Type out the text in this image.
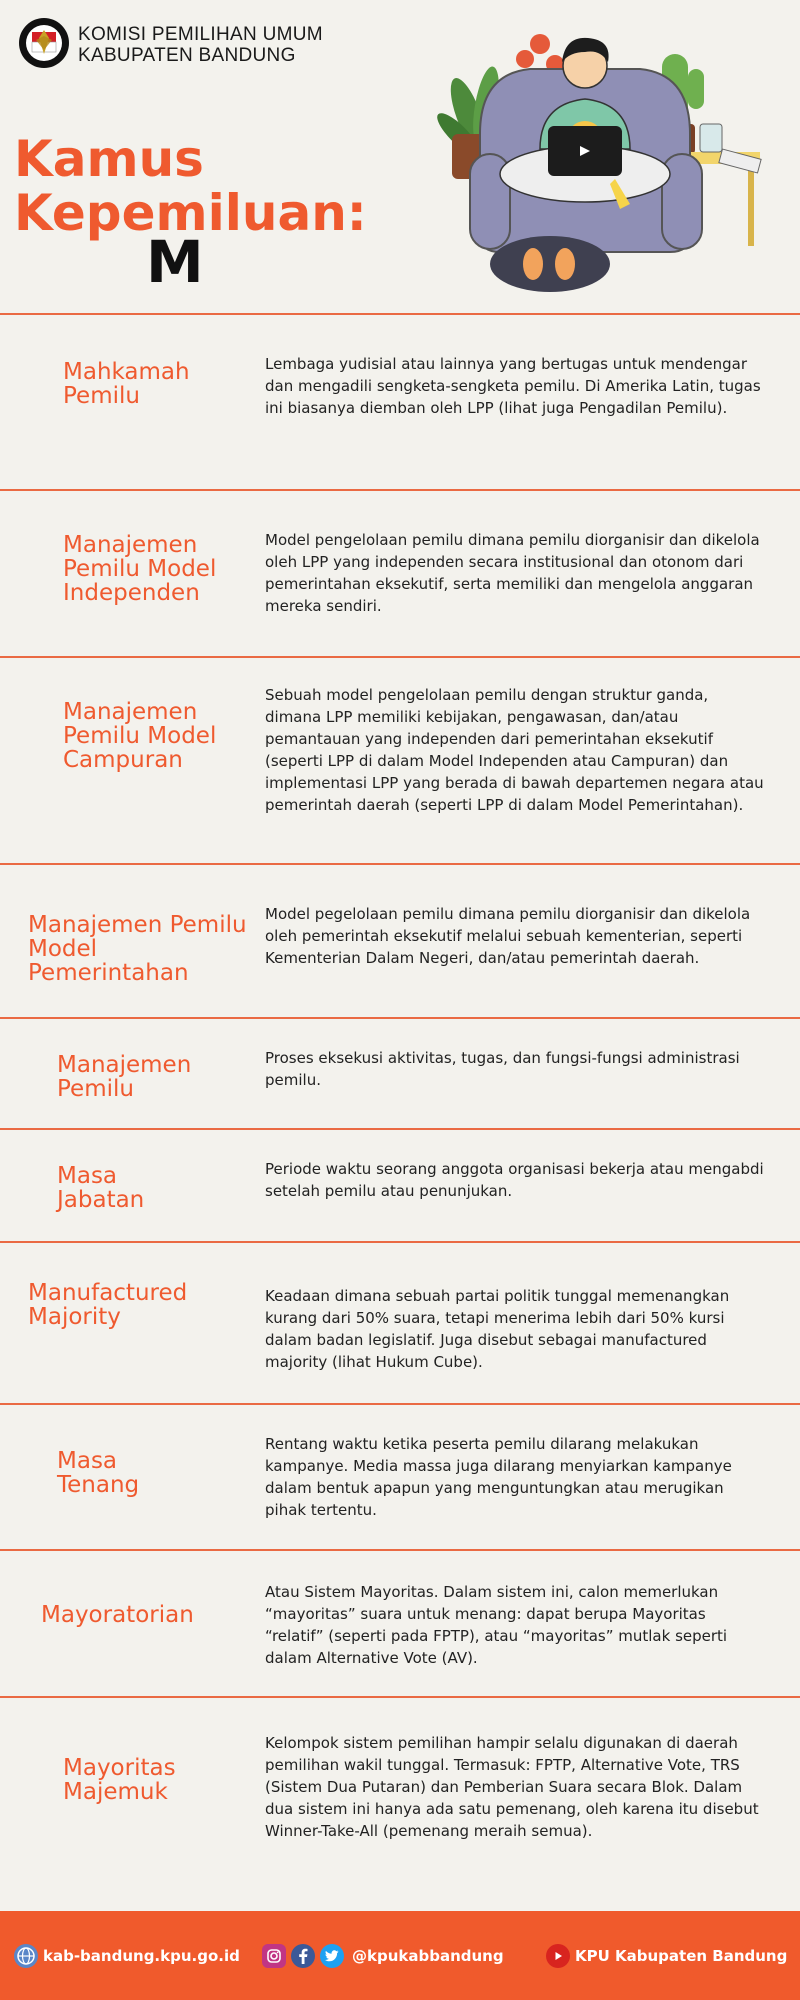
KOMISI PEMILIHAN UMUM
KABUPATEN BANDUNG
Kamus
Kepemiluan:
M
Mahkamah Pemilu
Lembaga yudisial atau lainnya yang bertugas untuk mendengar dan mengadili sengketa-sengketa pemilu. Di Amerika Latin, tugas ini biasanya diemban oleh LPP (lihat juga Pengadilan Pemilu).
Manajemen Pemilu Model Independen
Model pengelolaan pemilu dimana pemilu diorganisir dan dikelola oleh LPP yang independen secara institusional dan otonom dari pemerintahan eksekutif, serta memiliki dan mengelola anggaran mereka sendiri.
Manajemen Pemilu Model Campuran
Sebuah model pengelolaan pemilu dengan struktur ganda, dimana LPP memiliki kebijakan, pengawasan, dan/atau pemantauan yang independen dari pemerintahan eksekutif (seperti LPP di dalam Model Independen atau Campuran) dan implementasi LPP yang berada di bawah departemen negara atau pemerintah daerah (seperti LPP di dalam Model Pemerintahan).
Manajemen Pemilu Model Pemerintahan
Model pegelolaan pemilu dimana pemilu diorganisir dan dikelola oleh pemerintah eksekutif melalui sebuah kementerian, seperti Kementerian Dalam Negeri, dan/atau pemerintah daerah.
Manajemen Pemilu
Proses eksekusi aktivitas, tugas, dan fungsi-fungsi administrasi pemilu.
Masa Jabatan
Periode waktu seorang anggota organisasi bekerja atau mengabdi setelah pemilu atau penunjukan.
Manufactured Majority
Keadaan dimana sebuah partai politik tunggal memenangkan kurang dari 50% suara, tetapi menerima lebih dari 50% kursi dalam badan legislatif. Juga disebut sebagai manufactured majority (lihat Hukum Cube).
Masa Tenang
Rentang waktu ketika peserta pemilu dilarang melakukan kampanye. Media massa juga dilarang menyiarkan kampanye dalam bentuk apapun yang menguntungkan atau merugikan pihak tertentu.
Mayoratorian
Atau Sistem Mayoritas. Dalam sistem ini, calon memerlukan “mayoritas” suara untuk menang: dapat berupa Mayoritas “relatif” (seperti pada FPTP), atau “mayoritas” mutlak seperti dalam Alternative Vote (AV).
Mayoritas Majemuk
Kelompok sistem pemilihan hampir selalu digunakan di daerah pemilihan wakil tunggal. Termasuk: FPTP, Alternative Vote, TRS (Sistem Dua Putaran) dan Pemberian Suara secara Blok. Dalam dua sistem ini hanya ada satu pemenang, oleh karena itu disebut Winner-Take-All (pemenang meraih semua).
kab-bandung.kpu.go.id	@kpukabbandung	KPU Kabupaten Bandung
